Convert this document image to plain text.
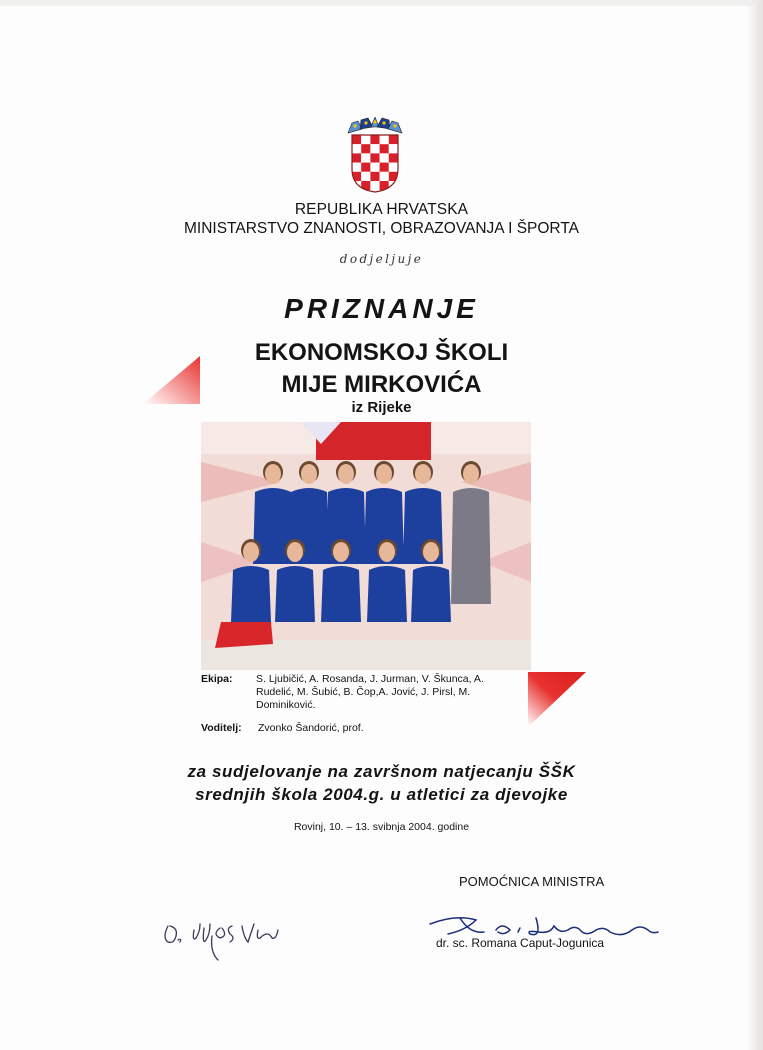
REPUBLIKA HRVATSKA
MINISTARSTVO ZNANOSTI, OBRAZOVANJA I ŠPORTA
dodjeljuje
PRIZNANJE
EKONOMSKOJ ŠKOLI
MIJE MIRKOVIĆA
iz Rijeke
Ekipa: S. Ljubičić, A. Rosanda, J. Jurman, V. Škunca, A. Rudelić, M. Šubić, B. Čop,A. Jović, J. Pirsl, M. Dominiković.
Voditelj: Zvonko Šandorić, prof.
za sudjelovanje na završnom natjecanju ŠŠK
srednjih škola 2004.g. u atletici za djevojke
Rovinj, 10. – 13. svibnja 2004. godine
POMOĆNICA MINISTRA
dr. sc. Romana Caput-Jogunica
